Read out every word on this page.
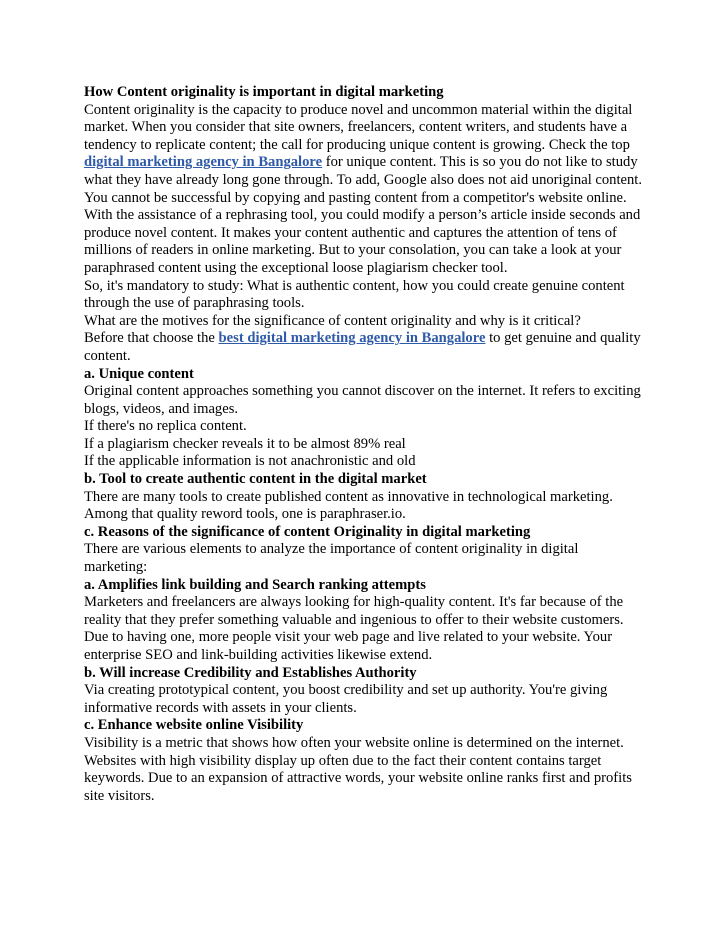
How Content originality is important in digital marketing

Content originality is the capacity to produce novel and uncommon material within the digital market. When you consider that site owners, freelancers, content writers, and students have a tendency to replicate content; the call for producing unique content is growing. Check the top digital marketing agency in Bangalore for unique content. This is so you do not like to study what they have already long gone through. To add, Google also does not aid unoriginal content. You cannot be successful by copying and pasting content from a competitor's website online.

With the assistance of a rephrasing tool, you could modify a person’s article inside seconds and produce novel content. It makes your content authentic and captures the attention of tens of millions of readers in online marketing. But to your consolation, you can take a look at your paraphrased content using the exceptional loose plagiarism checker tool.

So, it's mandatory to study: What is authentic content, how you could create genuine content through the use of paraphrasing tools.

What are the motives for the significance of content originality and why is it critical?

Before that choose the best digital marketing agency in Bangalore to get genuine and quality content.

a. Unique content

Original content approaches something you cannot discover on the internet. It refers to exciting blogs, videos, and images.

If there's no replica content.

If a plagiarism checker reveals it to be almost 89% real

If the applicable information is not anachronistic and old

b. Tool to create authentic content in the digital market

There are many tools to create published content as innovative in technological marketing. Among that quality reword tools, one is paraphraser.io.

c. Reasons of the significance of content Originality in digital marketing

There are various elements to analyze the importance of content originality in digital marketing:

a. Amplifies link building and Search ranking attempts

Marketers and freelancers are always looking for high-quality content. It's far because of the reality that they prefer something valuable and ingenious to offer to their website customers. Due to having one, more people visit your web page and live related to your website. Your enterprise SEO and link-building activities likewise extend.

b. Will increase Credibility and Establishes Authority

Via creating prototypical content, you boost credibility and set up authority. You're giving informative records with assets in your clients.

c. Enhance website online Visibility

Visibility is a metric that shows how often your website online is determined on the internet. Websites with high visibility display up often due to the fact their content contains target keywords. Due to an expansion of attractive words, your website online ranks first and profits site visitors.
